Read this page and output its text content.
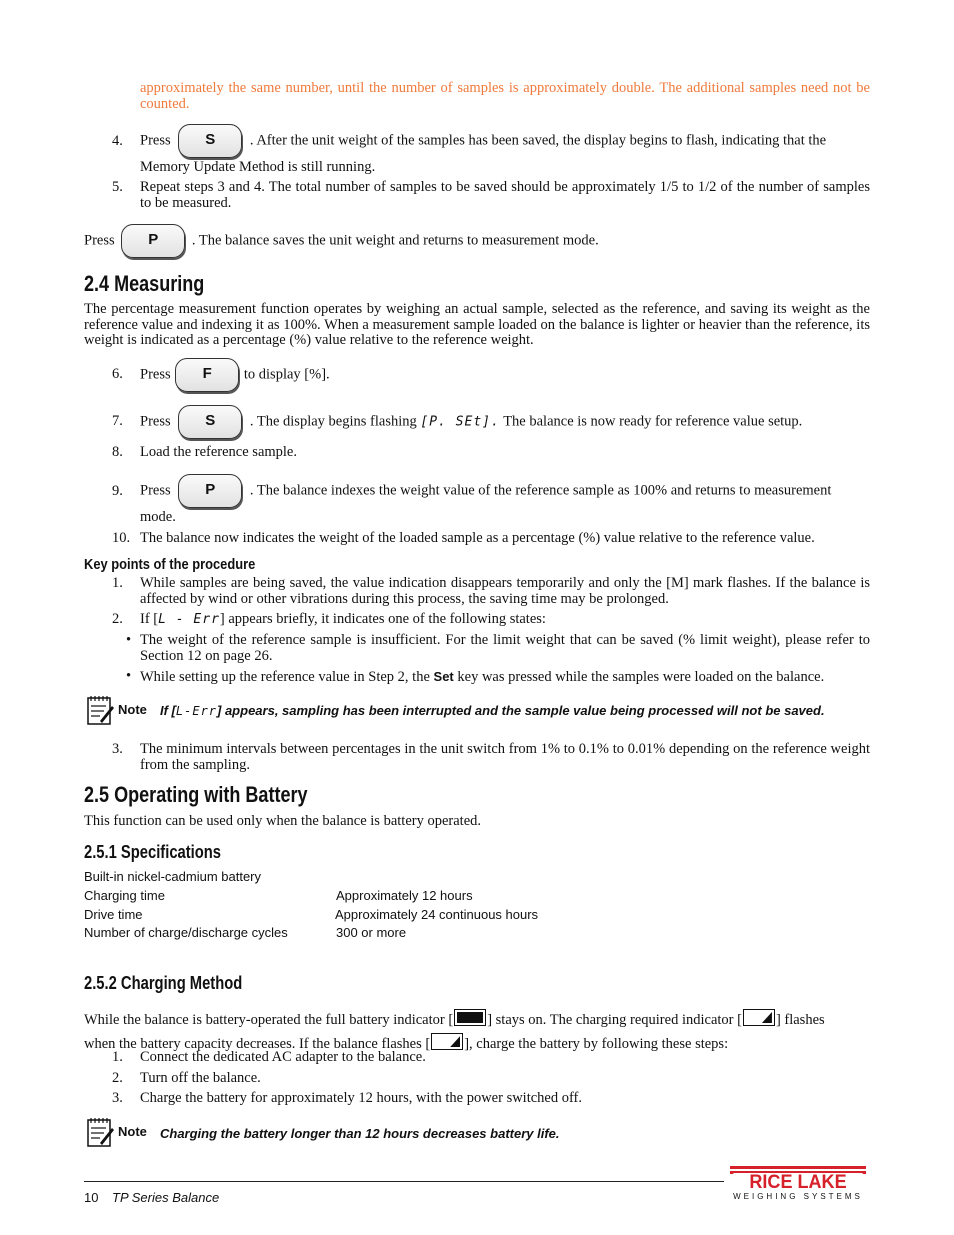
approximately the same number, until the number of samples is approximately double. The additional samples need not be counted.
4. Press	S	. After the unit weight of the samples has been saved, the display begins to flash, indicating that the
Memory Update Method is still running.
5. Repeat steps 3 and 4. The total number of samples to be saved should be approximately 1/5 to 1/2 of the number of samples to be measured.
Press	P	. The balance saves the unit weight and returns to measurement mode.
2.4 Measuring
The percentage measurement function operates by weighing an actual sample, selected as the reference, and saving its weight as the reference value and indexing it as 100%. When a measurement sample loaded on the balance is lighter or heavier than the reference, its weight is indicated as a percentage (%) value relative to the reference weight.
6. Press	F	to display [%].
7. Press	S	. The display begins flashing [P. SEt]. The balance is now ready for reference value setup.
8. Load the reference sample.
9. Press	P	. The balance indexes the weight value of the reference sample as 100% and returns to measurement
mode.
10. The balance now indicates the weight of the loaded sample as a percentage (%) value relative to the reference value.
Key points of the procedure
1. While samples are being saved, the value indication disappears temporarily and only the [M] mark flashes. If the balance is affected by wind or other vibrations during this process, the saving time may be prolonged.
2. If [L - Err] appears briefly, it indicates one of the following states:
• The weight of the reference sample is insufficient. For the limit weight that can be saved (% limit weight), please refer to Section 12 on page 26.
• While setting up the reference value in Step 2, the Set key was pressed while the samples were loaded on the balance.
Note If [L-Err] appears, sampling has been interrupted and the sample value being processed will not be saved.
3. The minimum intervals between percentages in the unit switch from 1% to 0.1% to 0.01% depending on the reference weight from the sampling.
2.5 Operating with Battery
This function can be used only when the balance is battery operated.
2.5.1 Specifications
Built-in nickel-cadmium battery
Charging time	Approximately 12 hours
Drive time	Approximately 24 continuous hours
Number of charge/discharge cycles	300 or more
2.5.2 Charging Method
While the balance is battery-operated the full battery indicator [ ] stays on. The charging required indicator [ ] flashes
when the battery capacity decreases. If the balance flashes [ ], charge the battery by following these steps:
1. Connect the dedicated AC adapter to the balance.
2. Turn off the balance.
3. Charge the battery for approximately 12 hours, with the power switched off.
Note Charging the battery longer than 12 hours decreases battery life.
10 TP Series Balance
RICE LAKE
WEIGHING SYSTEMS
